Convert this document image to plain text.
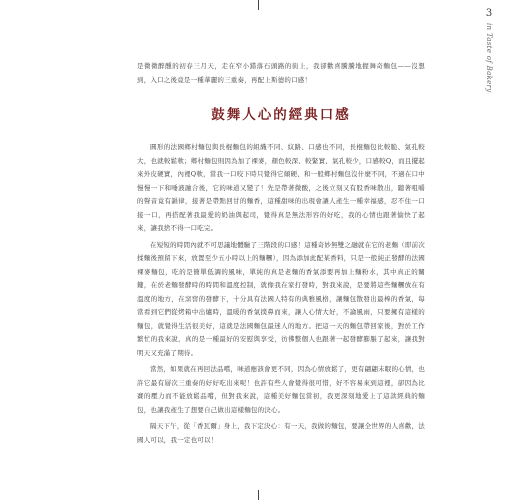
3
in Taste of Bakery

是微微醉醺的初春三月天，走在窄小錯落石頭路的街上，我卻歡喜騰騰地握舞奇麵包——沒想到，入口之後竟是一種華麗的三重奏，再配上斯德的口感！

鼓舞人心的經典口感

圓形的法國鄉村麵包與長棍麵包的組織不同、紋路、口感也不同，長棍麵包比較脆、氣孔較大，也就較鬆軟；鄉村麵包則因為加了裸麥，顏色較深、較緊實、氣孔較少，口感較Q，而且擺起來外皮硬實，內裡Q軟，當我一口咬下時只覺得它頗硬、和一般鄉村麵包沒什麼不同，不過在口中慢慢一下和唾液融合後，它的味道又變了！先是帶著微酸，之後立刻又有股香味散出，聽著咀嚼的聲音竟有韻律，接著是帶點回甘的麵香，這種甜味的出現會讓人產生一種幸福感，忍不住一口接一口，再搭配著我最愛的奶油與起司，覺得真是無法形容的好吃，我的心情也跟著愉快了起來，讓我捨不得一口吃完。

在短短的時間內就不可思議地體驗了三階段的口感！這種奇妙無雙之融就在它的老麵（即前次揉麵後預留下來，放置至少五小時以上的麵糰），因為添加此配某香料，只是一般純正發酵的法國裸麥麵包，吃的是簡單低調的風味，單純的真是老麵的香氣添要再加上麵粉水，其中真正的關鍵，在於老麵發酵時的時間和溫度控制，就像我在家打發時，對我來說，是要將這些麵糰放在有溫度的地方，在窯窖的發酵下，十分具有法國人特有的典雅風格，讓麵包散發出最棒的香氣，每當看到它們從烤箱中出爐時，溫暖的香氣撲鼻而來，讓人心情大好，不論風雨，只要擁有這樣的麵包，就覺得生活很美好，這就是法國麵包最迷人的地方。把這一天的麵包帶回家後，對於工作繁忙的我來說，真的是一種最好的安慰與享受，彷彿整個人也跟著一起發酵膨脹了起來，讓我對明天又充滿了期待。

當然，如果就在再回法品嚐，味道應該會更不同，因為心情放鬆了，更有翩翩未眠的心情，也許它最有層次三重奏的好好吃出來呢！也許有些人會覺得很可惜，好不容易來到這裡，卻因為比賽的壓力而不能放鬆品嚐，但對我來說，這種美好麵包當初，我更深刻地愛上了這款經典的麵包，也讓我產生了想要自己做出這樣麵包的決心。

隔天下午，從「香瓦爾」身上，我下定決心：有一天，我做的麵包，要讓全世界的人喜歡，法國人可以，我一定也可以！
